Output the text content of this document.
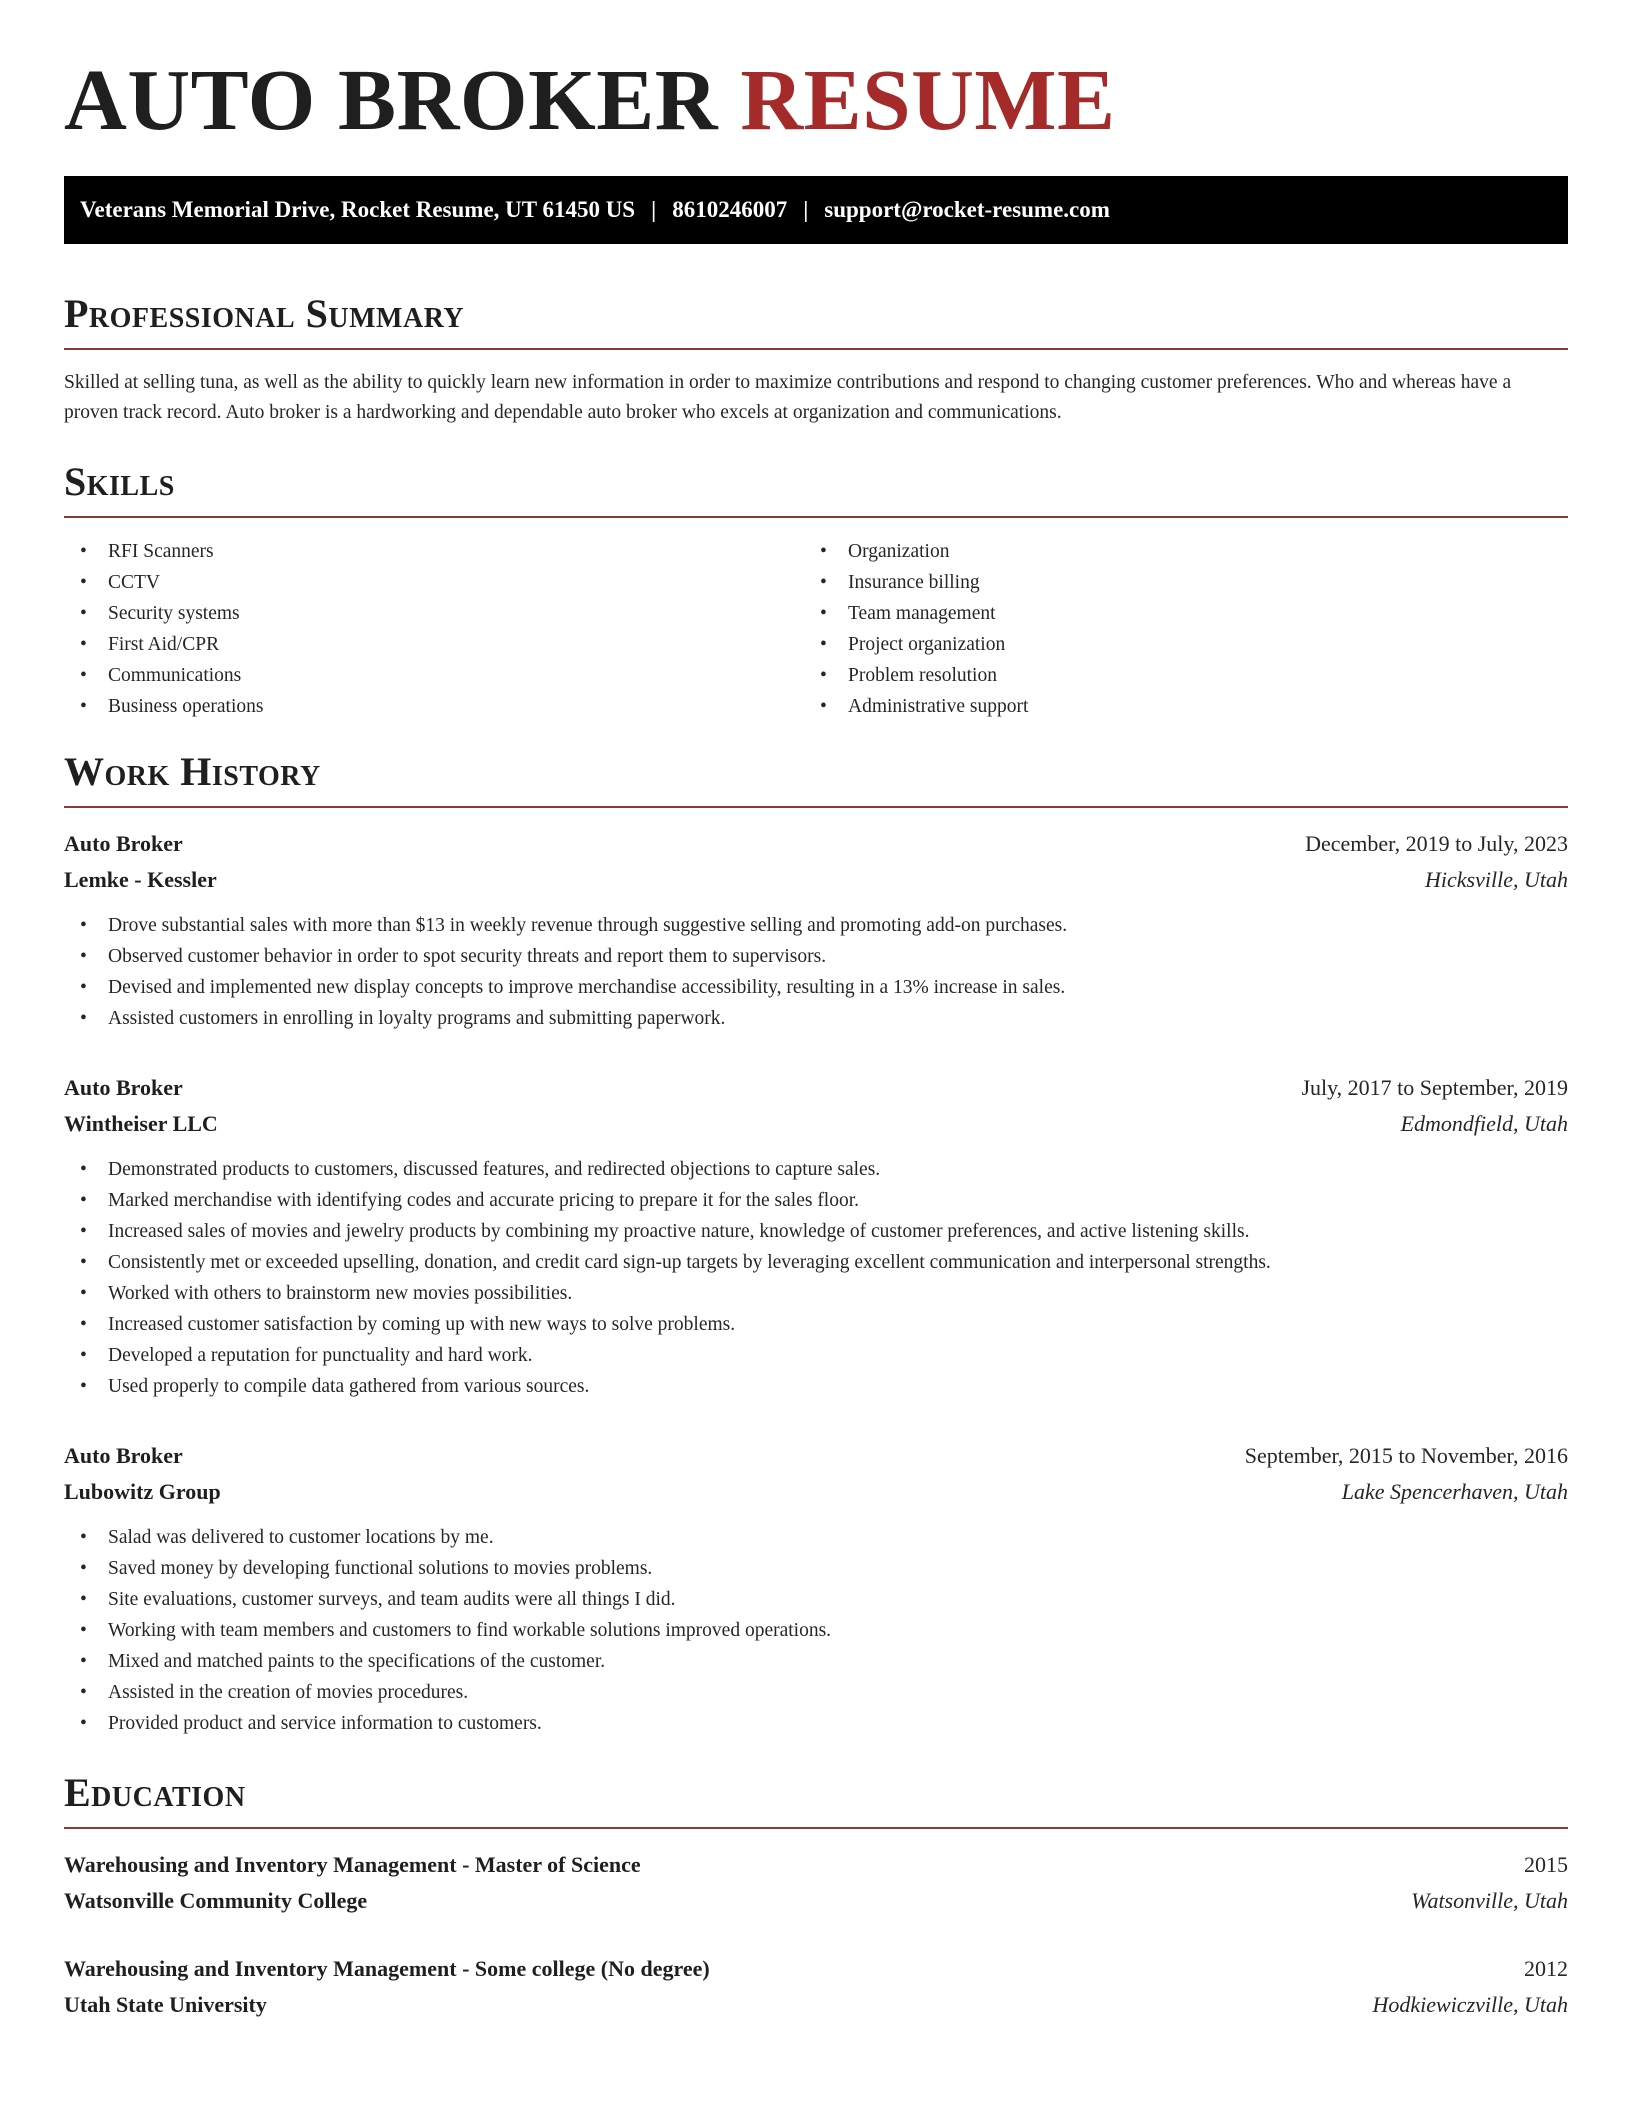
AUTO BROKER RESUME
Veterans Memorial Drive, Rocket Resume, UT 61450 US | 8610246007 | support@rocket-resume.com
Professional Summary

Skilled at selling tuna, as well as the ability to quickly learn new information in order to maximize contributions and respond to changing customer preferences. Who and whereas have a proven track record. Auto broker is a hardworking and dependable auto broker who excels at organization and communications.

Skills
• RFI Scanners
• CCTV
• Security systems
• First Aid/CPR
• Communications
• Business operations
• Organization
• Insurance billing
• Team management
• Project organization
• Problem resolution
• Administrative support
Work History
Auto Broker	December, 2019 to July, 2023
Lemke - Kessler	Hicksville, Utah
• Drove substantial sales with more than $13 in weekly revenue through suggestive selling and promoting add-on purchases.
• Observed customer behavior in order to spot security threats and report them to supervisors.
• Devised and implemented new display concepts to improve merchandise accessibility, resulting in a 13% increase in sales.
• Assisted customers in enrolling in loyalty programs and submitting paperwork.
Auto Broker	July, 2017 to September, 2019
Wintheiser LLC	Edmondfield, Utah
• Demonstrated products to customers, discussed features, and redirected objections to capture sales.
• Marked merchandise with identifying codes and accurate pricing to prepare it for the sales floor.
• Increased sales of movies and jewelry products by combining my proactive nature, knowledge of customer preferences, and active listening skills.
• Consistently met or exceeded upselling, donation, and credit card sign-up targets by leveraging excellent communication and interpersonal strengths.
• Worked with others to brainstorm new movies possibilities.
• Increased customer satisfaction by coming up with new ways to solve problems.
• Developed a reputation for punctuality and hard work.
• Used properly to compile data gathered from various sources.
Auto Broker	September, 2015 to November, 2016
Lubowitz Group	Lake Spencerhaven, Utah
• Salad was delivered to customer locations by me.
• Saved money by developing functional solutions to movies problems.
• Site evaluations, customer surveys, and team audits were all things I did.
• Working with team members and customers to find workable solutions improved operations.
• Mixed and matched paints to the specifications of the customer.
• Assisted in the creation of movies procedures.
• Provided product and service information to customers.
Education
Warehousing and Inventory Management - Master of Science	2015
Watsonville Community College	Watsonville, Utah
Warehousing and Inventory Management - Some college (No degree)	2012
Utah State University	Hodkiewiczville, Utah
